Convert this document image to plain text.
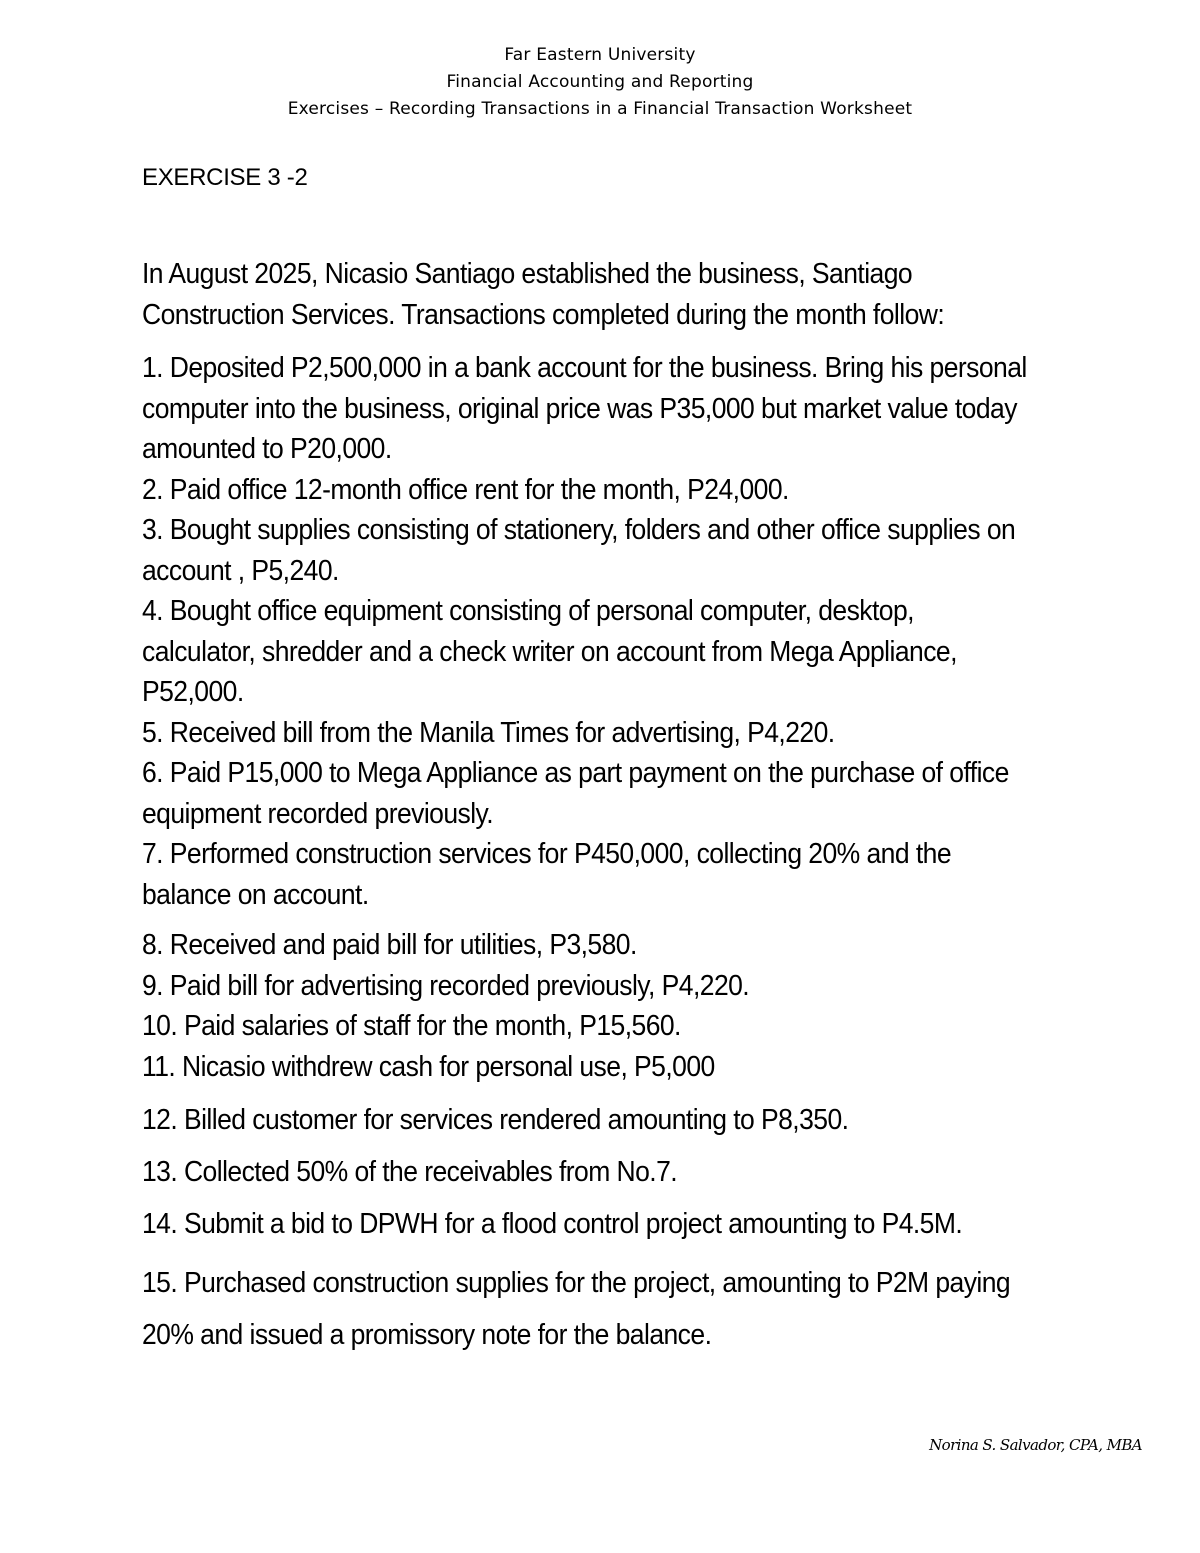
Far Eastern University
Financial Accounting and Reporting
Exercises – Recording Transactions in a Financial Transaction Worksheet
EXERCISE 3 -2
In August 2025, Nicasio Santiago established the business, Santiago
Construction Services. Transactions completed during the month follow:
1. Deposited P2,500,000 in a bank account for the business. Bring his personal
computer into the business, original price was P35,000 but market value today
amounted to P20,000.
2. Paid office 12-month office rent for the month, P24,000.
3. Bought supplies consisting of stationery, folders and other office supplies on
account , P5,240.
4. Bought office equipment consisting of personal computer, desktop,
calculator, shredder and a check writer on account from Mega Appliance,
P52,000.
5. Received bill from the Manila Times for advertising, P4,220.
6. Paid P15,000 to Mega Appliance as part payment on the purchase of office
equipment recorded previously.
7. Performed construction services for P450,000, collecting 20% and the
balance on account.
8. Received and paid bill for utilities, P3,580.
9. Paid bill for advertising recorded previously, P4,220.
10. Paid salaries of staff for the month, P15,560.
11. Nicasio withdrew cash for personal use, P5,000
12. Billed customer for services rendered amounting to P8,350.
13. Collected 50% of the receivables from No.7.
14. Submit a bid to DPWH for a flood control project amounting to P4.5M.
15. Purchased construction supplies for the project, amounting to P2M paying
20% and issued a promissory note for the balance.
Norina S. Salvador, CPA, MBA
